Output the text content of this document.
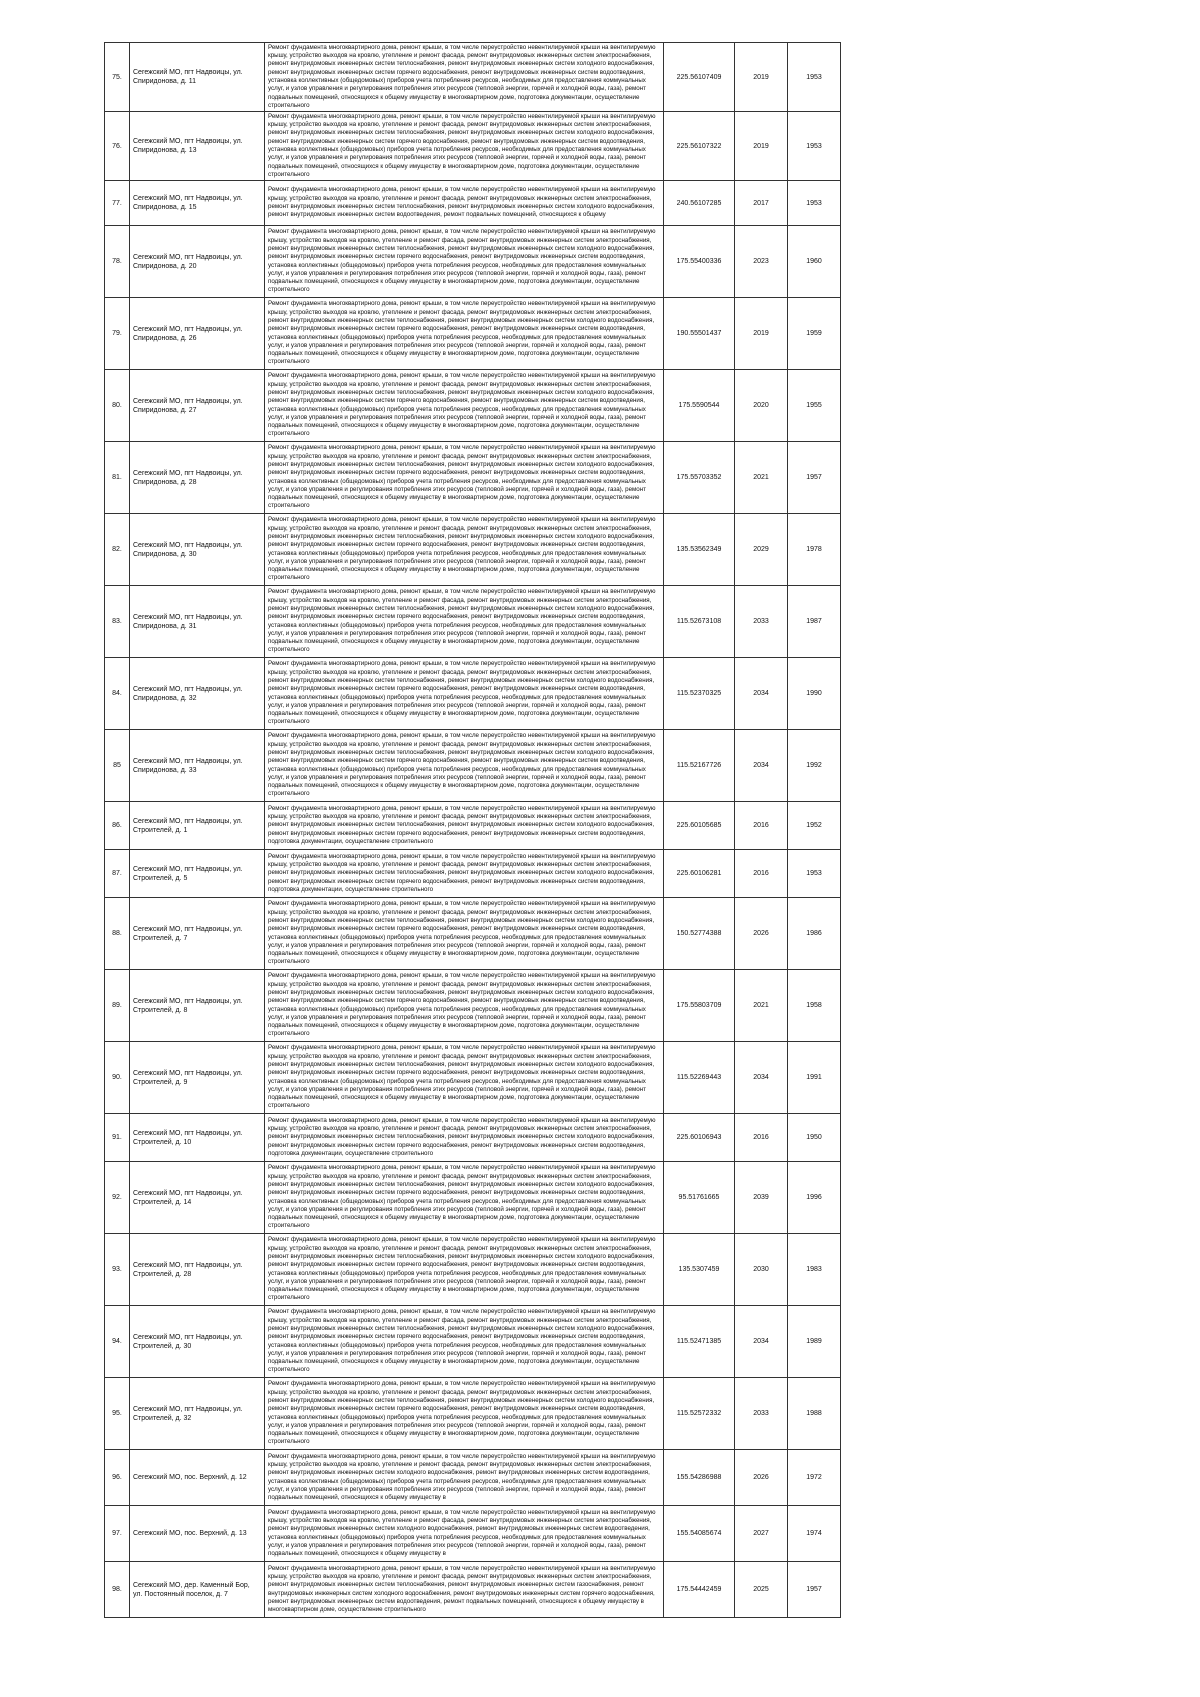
75.	Сегежский МО, пгт Надвоицы, ул. Спиридонова, д. 11	Ремонт фундамента многоквартирного дома, ремонт крыши, в том числе переустройство невентилируемой крыши на вентилируемую крышу, устройство выходов на кровлю, утепление и ремонт фасада, ремонт внутридомовых инженерных систем электроснабжения, ремонт внутридомовых инженерных систем теплоснабжения, ремонт внутридомовых инженерных систем холодного водоснабжения, ремонт внутридомовых инженерных систем горячего водоснабжения, ремонт внутридомовых инженерных систем водоотведения, установка коллективных (общедомовых) приборов учета потребления ресурсов, необходимых для предоставления коммунальных услуг, и узлов управления и регулирования потребления этих ресурсов (тепловой энергии, горячей и холодной воды, газа), ремонт подвальных помещений, относящихся к общему имуществу в многоквартирном доме, подготовка документации, осуществление строительного	225.56107409	2019	1953
76.	Сегежский МО, пгт Надвоицы, ул. Спиридонова, д. 13	Ремонт фундамента многоквартирного дома, ремонт крыши, в том числе переустройство невентилируемой крыши на вентилируемую крышу, устройство выходов на кровлю, утепление и ремонт фасада, ремонт внутридомовых инженерных систем электроснабжения, ремонт внутридомовых инженерных систем теплоснабжения, ремонт внутридомовых инженерных систем холодного водоснабжения, ремонт внутридомовых инженерных систем горячего водоснабжения, ремонт внутридомовых инженерных систем водоотведения, установка коллективных (общедомовых) приборов учета потребления ресурсов, необходимых для предоставления коммунальных услуг, и узлов управления и регулирования потребления этих ресурсов (тепловой энергии, горячей и холодной воды, газа), ремонт подвальных помещений, относящихся к общему имуществу в многоквартирном доме, подготовка документации, осуществление строительного	225.56107322	2019	1953
77.	Сегежский МО, пгт Надвоицы, ул. Спиридонова, д. 15	Ремонт фундамента многоквартирного дома, ремонт крыши, в том числе переустройство невентилируемой крыши на вентилируемую крышу, устройство выходов на кровлю, утепление и ремонт фасада, ремонт внутридомовых инженерных систем электроснабжения, ремонт внутридомовых инженерных систем теплоснабжения, ремонт внутридомовых инженерных систем холодного водоснабжения, ремонт внутридомовых инженерных систем водоотведения, ремонт подвальных помещений, относящихся к общему	240.56107285	2017	1953
78.	Сегежский МО, пгт Надвоицы, ул. Спиридонова, д. 20	Ремонт фундамента многоквартирного дома, ремонт крыши, в том числе переустройство невентилируемой крыши на вентилируемую крышу, устройство выходов на кровлю, утепление и ремонт фасада, ремонт внутридомовых инженерных систем электроснабжения, ремонт внутридомовых инженерных систем теплоснабжения, ремонт внутридомовых инженерных систем холодного водоснабжения, ремонт внутридомовых инженерных систем горячего водоснабжения, ремонт внутридомовых инженерных систем водоотведения, установка коллективных (общедомовых) приборов учета потребления ресурсов, необходимых для предоставления коммунальных услуг, и узлов управления и регулирования потребления этих ресурсов (тепловой энергии, горячей и холодной воды, газа), ремонт подвальных помещений, относящихся к общему имуществу в многоквартирном доме, подготовка документации, осуществление строительного	175.55400336	2023	1960
79.	Сегежский МО, пгт Надвоицы, ул. Спиридонова, д. 26	Ремонт фундамента многоквартирного дома, ремонт крыши, в том числе переустройство невентилируемой крыши на вентилируемую крышу, устройство выходов на кровлю, утепление и ремонт фасада, ремонт внутридомовых инженерных систем электроснабжения, ремонт внутридомовых инженерных систем теплоснабжения, ремонт внутридомовых инженерных систем холодного водоснабжения, ремонт внутридомовых инженерных систем горячего водоснабжения, ремонт внутридомовых инженерных систем водоотведения, установка коллективных (общедомовых) приборов учета потребления ресурсов, необходимых для предоставления коммунальных услуг, и узлов управления и регулирования потребления этих ресурсов (тепловой энергии, горячей и холодной воды, газа), ремонт подвальных помещений, относящихся к общему имуществу в многоквартирном доме, подготовка документации, осуществление строительного	190.55501437	2019	1959
80.	Сегежский МО, пгт Надвоицы, ул. Спиридонова, д. 27	Ремонт фундамента многоквартирного дома, ремонт крыши, в том числе переустройство невентилируемой крыши на вентилируемую крышу, устройство выходов на кровлю, утепление и ремонт фасада, ремонт внутридомовых инженерных систем электроснабжения, ремонт внутридомовых инженерных систем теплоснабжения, ремонт внутридомовых инженерных систем холодного водоснабжения, ремонт внутридомовых инженерных систем горячего водоснабжения, ремонт внутридомовых инженерных систем водоотведения, установка коллективных (общедомовых) приборов учета потребления ресурсов, необходимых для предоставления коммунальных услуг, и узлов управления и регулирования потребления этих ресурсов (тепловой энергии, горячей и холодной воды, газа), ремонт подвальных помещений, относящихся к общему имуществу в многоквартирном доме, подготовка документации, осуществление строительного	175.5590544	2020	1955
81.	Сегежский МО, пгт Надвоицы, ул. Спиридонова, д. 28	Ремонт фундамента многоквартирного дома, ремонт крыши, в том числе переустройство невентилируемой крыши на вентилируемую крышу, устройство выходов на кровлю, утепление и ремонт фасада, ремонт внутридомовых инженерных систем электроснабжения, ремонт внутридомовых инженерных систем теплоснабжения, ремонт внутридомовых инженерных систем холодного водоснабжения, ремонт внутридомовых инженерных систем горячего водоснабжения, ремонт внутридомовых инженерных систем водоотведения, установка коллективных (общедомовых) приборов учета потребления ресурсов, необходимых для предоставления коммунальных услуг, и узлов управления и регулирования потребления этих ресурсов (тепловой энергии, горячей и холодной воды, газа), ремонт подвальных помещений, относящихся к общему имуществу в многоквартирном доме, подготовка документации, осуществление строительного	175.55703352	2021	1957
82.	Сегежский МО, пгт Надвоицы, ул. Спиридонова, д. 30	Ремонт фундамента многоквартирного дома, ремонт крыши, в том числе переустройство невентилируемой крыши на вентилируемую крышу, устройство выходов на кровлю, утепление и ремонт фасада, ремонт внутридомовых инженерных систем электроснабжения, ремонт внутридомовых инженерных систем теплоснабжения, ремонт внутридомовых инженерных систем холодного водоснабжения, ремонт внутридомовых инженерных систем горячего водоснабжения, ремонт внутридомовых инженерных систем водоотведения, установка коллективных (общедомовых) приборов учета потребления ресурсов, необходимых для предоставления коммунальных услуг, и узлов управления и регулирования потребления этих ресурсов (тепловой энергии, горячей и холодной воды, газа), ремонт подвальных помещений, относящихся к общему имуществу в многоквартирном доме, подготовка документации, осуществление строительного	135.53562349	2029	1978
83.	Сегежский МО, пгт Надвоицы, ул. Спиридонова, д. 31	Ремонт фундамента многоквартирного дома, ремонт крыши, в том числе переустройство невентилируемой крыши на вентилируемую крышу, устройство выходов на кровлю, утепление и ремонт фасада, ремонт внутридомовых инженерных систем электроснабжения, ремонт внутридомовых инженерных систем теплоснабжения, ремонт внутридомовых инженерных систем холодного водоснабжения, ремонт внутридомовых инженерных систем горячего водоснабжения, ремонт внутридомовых инженерных систем водоотведения, установка коллективных (общедомовых) приборов учета потребления ресурсов, необходимых для предоставления коммунальных услуг, и узлов управления и регулирования потребления этих ресурсов (тепловой энергии, горячей и холодной воды, газа), ремонт подвальных помещений, относящихся к общему имуществу в многоквартирном доме, подготовка документации, осуществление строительного	115.52673108	2033	1987
84.	Сегежский МО, пгт Надвоицы, ул. Спиридонова, д. 32	Ремонт фундамента многоквартирного дома, ремонт крыши, в том числе переустройство невентилируемой крыши на вентилируемую крышу, устройство выходов на кровлю, утепление и ремонт фасада, ремонт внутридомовых инженерных систем электроснабжения, ремонт внутридомовых инженерных систем теплоснабжения, ремонт внутридомовых инженерных систем холодного водоснабжения, ремонт внутридомовых инженерных систем горячего водоснабжения, ремонт внутридомовых инженерных систем водоотведения, установка коллективных (общедомовых) приборов учета потребления ресурсов, необходимых для предоставления коммунальных услуг, и узлов управления и регулирования потребления этих ресурсов (тепловой энергии, горячей и холодной воды, газа), ремонт подвальных помещений, относящихся к общему имуществу в многоквартирном доме, подготовка документации, осуществление строительного	115.52370325	2034	1990
85	Сегежский МО, пгт Надвоицы, ул. Спиридонова, д. 33	Ремонт фундамента многоквартирного дома, ремонт крыши, в том числе переустройство невентилируемой крыши на вентилируемую крышу, устройство выходов на кровлю, утепление и ремонт фасада, ремонт внутридомовых инженерных систем электроснабжения, ремонт внутридомовых инженерных систем теплоснабжения, ремонт внутридомовых инженерных систем холодного водоснабжения, ремонт внутридомовых инженерных систем горячего водоснабжения, ремонт внутридомовых инженерных систем водоотведения, установка коллективных (общедомовых) приборов учета потребления ресурсов, необходимых для предоставления коммунальных услуг, и узлов управления и регулирования потребления этих ресурсов (тепловой энергии, горячей и холодной воды, газа), ремонт подвальных помещений, относящихся к общему имуществу в многоквартирном доме, подготовка документации, осуществление строительного	115.52167726	2034	1992
86.	Сегежский МО, пгт Надвоицы, ул. Строителей, д. 1	Ремонт фундамента многоквартирного дома, ремонт крыши, в том числе переустройство невентилируемой крыши на вентилируемую крышу, устройство выходов на кровлю, утепление и ремонт фасада, ремонт внутридомовых инженерных систем электроснабжения, ремонт внутридомовых инженерных систем теплоснабжения, ремонт внутридомовых инженерных систем холодного водоснабжения, ремонт внутридомовых инженерных систем горячего водоснабжения, ремонт внутридомовых инженерных систем водоотведения, подготовка документации, осуществление строительного	225.60105685	2016	1952
87.	Сегежский МО, пгт Надвоицы, ул. Строителей, д. 5	Ремонт фундамента многоквартирного дома, ремонт крыши, в том числе переустройство невентилируемой крыши на вентилируемую крышу, устройство выходов на кровлю, утепление и ремонт фасада, ремонт внутридомовых инженерных систем электроснабжения, ремонт внутридомовых инженерных систем теплоснабжения, ремонт внутридомовых инженерных систем холодного водоснабжения, ремонт внутридомовых инженерных систем горячего водоснабжения, ремонт внутридомовых инженерных систем водоотведения, подготовка документации, осуществление строительного	225.60106281	2016	1953
88.	Сегежский МО, пгт Надвоицы, ул. Строителей, д. 7	Ремонт фундамента многоквартирного дома, ремонт крыши, в том числе переустройство невентилируемой крыши на вентилируемую крышу, устройство выходов на кровлю, утепление и ремонт фасада, ремонт внутридомовых инженерных систем электроснабжения, ремонт внутридомовых инженерных систем теплоснабжения, ремонт внутридомовых инженерных систем холодного водоснабжения, ремонт внутридомовых инженерных систем горячего водоснабжения, ремонт внутридомовых инженерных систем водоотведения, установка коллективных (общедомовых) приборов учета потребления ресурсов, необходимых для предоставления коммунальных услуг, и узлов управления и регулирования потребления этих ресурсов (тепловой энергии, горячей и холодной воды, газа), ремонт подвальных помещений, относящихся к общему имуществу в многоквартирном доме, подготовка документации, осуществление строительного	150.52774388	2026	1986
89.	Сегежский МО, пгт Надвоицы, ул. Строителей, д. 8	Ремонт фундамента многоквартирного дома, ремонт крыши, в том числе переустройство невентилируемой крыши на вентилируемую крышу, устройство выходов на кровлю, утепление и ремонт фасада, ремонт внутридомовых инженерных систем электроснабжения, ремонт внутридомовых инженерных систем теплоснабжения, ремонт внутридомовых инженерных систем холодного водоснабжения, ремонт внутридомовых инженерных систем горячего водоснабжения, ремонт внутридомовых инженерных систем водоотведения, установка коллективных (общедомовых) приборов учета потребления ресурсов, необходимых для предоставления коммунальных услуг, и узлов управления и регулирования потребления этих ресурсов (тепловой энергии, горячей и холодной воды, газа), ремонт подвальных помещений, относящихся к общему имуществу в многоквартирном доме, подготовка документации, осуществление строительного	175.55803709	2021	1958
90.	Сегежский МО, пгт Надвоицы, ул. Строителей, д. 9	Ремонт фундамента многоквартирного дома, ремонт крыши, в том числе переустройство невентилируемой крыши на вентилируемую крышу, устройство выходов на кровлю, утепление и ремонт фасада, ремонт внутридомовых инженерных систем электроснабжения, ремонт внутридомовых инженерных систем теплоснабжения, ремонт внутридомовых инженерных систем холодного водоснабжения, ремонт внутридомовых инженерных систем горячего водоснабжения, ремонт внутридомовых инженерных систем водоотведения, установка коллективных (общедомовых) приборов учета потребления ресурсов, необходимых для предоставления коммунальных услуг, и узлов управления и регулирования потребления этих ресурсов (тепловой энергии, горячей и холодной воды, газа), ремонт подвальных помещений, относящихся к общему имуществу в многоквартирном доме, подготовка документации, осуществление строительного	115.52269443	2034	1991
91.	Сегежский МО, пгт Надвоицы, ул. Строителей, д. 10	Ремонт фундамента многоквартирного дома, ремонт крыши, в том числе переустройство невентилируемой крыши на вентилируемую крышу, устройство выходов на кровлю, утепление и ремонт фасада, ремонт внутридомовых инженерных систем электроснабжения, ремонт внутридомовых инженерных систем теплоснабжения, ремонт внутридомовых инженерных систем холодного водоснабжения, ремонт внутридомовых инженерных систем горячего водоснабжения, ремонт внутридомовых инженерных систем водоотведения, подготовка документации, осуществление строительного	225.60106943	2016	1950
92.	Сегежский МО, пгт Надвоицы, ул. Строителей, д. 14	Ремонт фундамента многоквартирного дома, ремонт крыши, в том числе переустройство невентилируемой крыши на вентилируемую крышу, устройство выходов на кровлю, утепление и ремонт фасада, ремонт внутридомовых инженерных систем электроснабжения, ремонт внутридомовых инженерных систем теплоснабжения, ремонт внутридомовых инженерных систем холодного водоснабжения, ремонт внутридомовых инженерных систем горячего водоснабжения, ремонт внутридомовых инженерных систем водоотведения, установка коллективных (общедомовых) приборов учета потребления ресурсов, необходимых для предоставления коммунальных услуг, и узлов управления и регулирования потребления этих ресурсов (тепловой энергии, горячей и холодной воды, газа), ремонт подвальных помещений, относящихся к общему имуществу в многоквартирном доме, подготовка документации, осуществление строительного	95.51761665	2039	1996
93.	Сегежский МО, пгт Надвоицы, ул. Строителей, д. 28	Ремонт фундамента многоквартирного дома, ремонт крыши, в том числе переустройство невентилируемой крыши на вентилируемую крышу, устройство выходов на кровлю, утепление и ремонт фасада, ремонт внутридомовых инженерных систем электроснабжения, ремонт внутридомовых инженерных систем теплоснабжения, ремонт внутридомовых инженерных систем холодного водоснабжения, ремонт внутридомовых инженерных систем горячего водоснабжения, ремонт внутридомовых инженерных систем водоотведения, установка коллективных (общедомовых) приборов учета потребления ресурсов, необходимых для предоставления коммунальных услуг, и узлов управления и регулирования потребления этих ресурсов (тепловой энергии, горячей и холодной воды, газа), ремонт подвальных помещений, относящихся к общему имуществу в многоквартирном доме, подготовка документации, осуществление строительного	135.5307459	2030	1983
94.	Сегежский МО, пгт Надвоицы, ул. Строителей, д. 30	Ремонт фундамента многоквартирного дома, ремонт крыши, в том числе переустройство невентилируемой крыши на вентилируемую крышу, устройство выходов на кровлю, утепление и ремонт фасада, ремонт внутридомовых инженерных систем электроснабжения, ремонт внутридомовых инженерных систем теплоснабжения, ремонт внутридомовых инженерных систем холодного водоснабжения, ремонт внутридомовых инженерных систем горячего водоснабжения, ремонт внутридомовых инженерных систем водоотведения, установка коллективных (общедомовых) приборов учета потребления ресурсов, необходимых для предоставления коммунальных услуг, и узлов управления и регулирования потребления этих ресурсов (тепловой энергии, горячей и холодной воды, газа), ремонт подвальных помещений, относящихся к общему имуществу в многоквартирном доме, подготовка документации, осуществление строительного	115.52471385	2034	1989
95.	Сегежский МО, пгт Надвоицы, ул. Строителей, д. 32	Ремонт фундамента многоквартирного дома, ремонт крыши, в том числе переустройство невентилируемой крыши на вентилируемую крышу, устройство выходов на кровлю, утепление и ремонт фасада, ремонт внутридомовых инженерных систем электроснабжения, ремонт внутридомовых инженерных систем теплоснабжения, ремонт внутридомовых инженерных систем холодного водоснабжения, ремонт внутридомовых инженерных систем горячего водоснабжения, ремонт внутридомовых инженерных систем водоотведения, установка коллективных (общедомовых) приборов учета потребления ресурсов, необходимых для предоставления коммунальных услуг, и узлов управления и регулирования потребления этих ресурсов (тепловой энергии, горячей и холодной воды, газа), ремонт подвальных помещений, относящихся к общему имуществу в многоквартирном доме, подготовка документации, осуществление строительного	115.52572332	2033	1988
96.	Сегежский МО, пос. Верхний, д. 12	Ремонт фундамента многоквартирного дома, ремонт крыши, в том числе переустройство невентилируемой крыши на вентилируемую крышу, устройство выходов на кровлю, утепление и ремонт фасада, ремонт внутридомовых инженерных систем электроснабжения, ремонт внутридомовых инженерных систем холодного водоснабжения, ремонт внутридомовых инженерных систем водоотведения, установка коллективных (общедомовых) приборов учета потребления ресурсов, необходимых для предоставления коммунальных услуг, и узлов управления и регулирования потребления этих ресурсов (тепловой энергии, горячей и холодной воды, газа), ремонт подвальных помещений, относящихся к общему имуществу в	155.54286988	2026	1972
97.	Сегежский МО, пос. Верхний, д. 13	Ремонт фундамента многоквартирного дома, ремонт крыши, в том числе переустройство невентилируемой крыши на вентилируемую крышу, устройство выходов на кровлю, утепление и ремонт фасада, ремонт внутридомовых инженерных систем электроснабжения, ремонт внутридомовых инженерных систем холодного водоснабжения, ремонт внутридомовых инженерных систем водоотведения, установка коллективных (общедомовых) приборов учета потребления ресурсов, необходимых для предоставления коммунальных услуг, и узлов управления и регулирования потребления этих ресурсов (тепловой энергии, горячей и холодной воды, газа), ремонт подвальных помещений, относящихся к общему имуществу в	155.54085674	2027	1974
98.	Сегежский МО, дер. Каменный Бор, ул. Постоянный поселок, д. 7	Ремонт фундамента многоквартирного дома, ремонт крыши, в том числе переустройство невентилируемой крыши на вентилируемую крышу, устройство выходов на кровлю, утепление и ремонт фасада, ремонт внутридомовых инженерных систем электроснабжения, ремонт внутридомовых инженерных систем теплоснабжения, ремонт внутридомовых инженерных систем газоснабжения, ремонт внутридомовых инженерных систем холодного водоснабжения, ремонт внутридомовых инженерных систем горячего водоснабжения, ремонт внутридомовых инженерных систем водоотведения, ремонт подвальных помещений, относящихся к общему имуществу в многоквартирном доме, осуществление строительного	175.54442459	2025	1957
